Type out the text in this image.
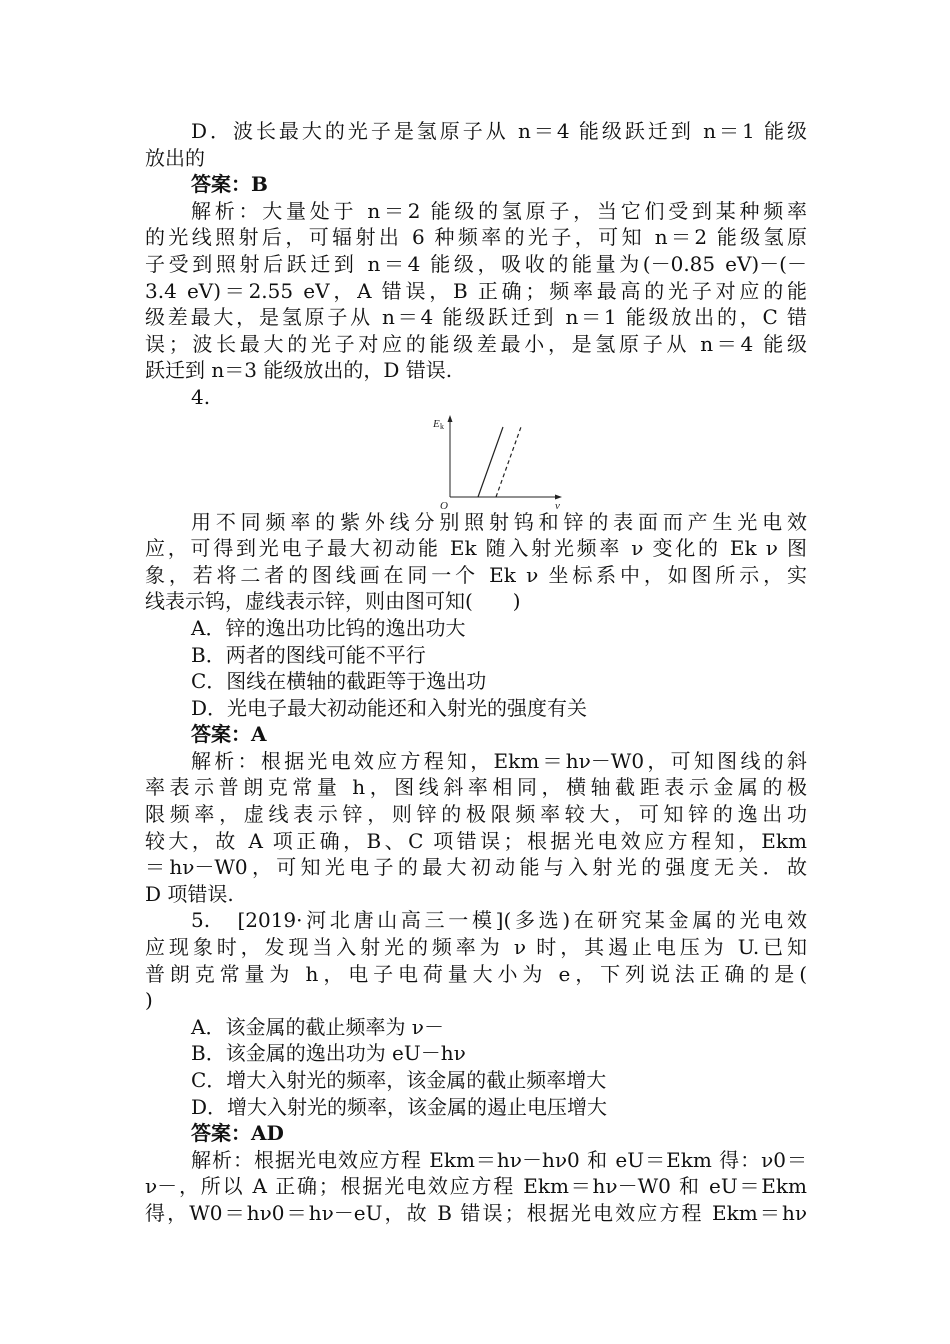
D．波长最大的光子是氢原子从 n＝4 能级跃迁到 n＝1 能级
放出的
答案：B
解析：大量处于 n＝2 能级的氢原子，当它们受到某种频率
的光线照射后，可辐射出 6 种频率的光子，可知 n＝2 能级氢原
子受到照射后跃迁到 n＝4 能级，吸收的能量为(－0.85 eV)－(－
3.4 eV)＝2.55 eV，A 错误，B 正确；频率最高的光子对应的能
级差最大，是氢原子从 n＝4 能级跃迁到 n＝1 能级放出的，C 错
误；波长最大的光子对应的能级差最小，是氢原子从 n＝4 能级
跃迁到 n＝3 能级放出的，D 错误.
4.
E k
O	ν
用不同频率的紫外线分别照射钨和锌的表面而产生光电效
应，可得到光电子最大初动能 Ek 随入射光频率 ν 变化的 Ek ν 图
象，若将二者的图线画在同一个 Ek ν 坐标系中，如图所示，实
线表示钨，虚线表示锌，则由图可知(　　)
A．锌的逸出功比钨的逸出功大
B．两者的图线可能不平行
C．图线在横轴的截距等于逸出功
D．光电子最大初动能还和入射光的强度有关
答案：A
解析：根据光电效应方程知，Ekm＝hν－W0，可知图线的斜
率表示普朗克常量 h，图线斜率相同，横轴截距表示金属的极
限频率，虚线表示锌，则锌的极限频率较大，可知锌的逸出功
较大，故 A 项正确，B、C 项错误；根据光电效应方程知，Ekm
＝hν－W0，可知光电子的最大初动能与入射光的强度无关．故
D 项错误.
5.　[2019·河北唐山高三一模](多选)在研究某金属的光电效
应现象时，发现当入射光的频率为 ν 时，其遏止电压为 U.已知
普朗克常量为 h，电子电荷量大小为 e，下列说法正确的是(
)
A．该金属的截止频率为 ν－
B．该金属的逸出功为 eU－hν
C．增大入射光的频率，该金属的截止频率增大
D．增大入射光的频率，该金属的遏止电压增大
答案：AD
解析：根据光电效应方程 Ekm＝hν－hν0 和 eU＝Ekm 得：ν0＝
ν－，所以 A 正确；根据光电效应方程 Ekm＝hν－W0 和 eU＝Ekm
得，W0＝hν0＝hν－eU，故 B 错误；根据光电效应方程 Ekm＝hν
